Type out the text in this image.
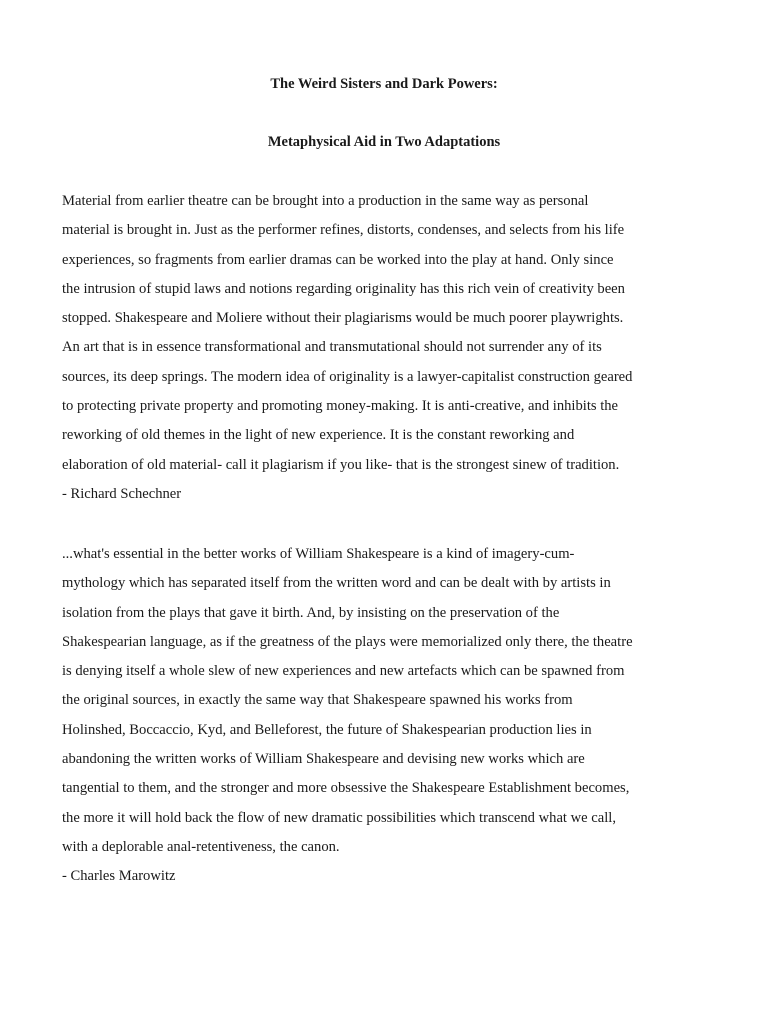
The Weird Sisters and Dark Powers:

Metaphysical Aid in Two Adaptations

Material from earlier theatre can be brought into a production in the same way as personal
material is brought in. Just as the performer refines, distorts, condenses, and selects from his life
experiences, so fragments from earlier dramas can be worked into the play at hand. Only since
the intrusion of stupid laws and notions regarding originality has this rich vein of creativity been
stopped. Shakespeare and Moliere without their plagiarisms would be much poorer playwrights.
An art that is in essence transformational and transmutational should not surrender any of its
sources, its deep springs. The modern idea of originality is a lawyer-capitalist construction geared
to protecting private property and promoting money-making. It is anti-creative, and inhibits the
reworking of old themes in the light of new experience. It is the constant reworking and
elaboration of old material- call it plagiarism if you like- that is the strongest sinew of tradition.
- Richard Schechner
...what's essential in the better works of William Shakespeare is a kind of imagery-cum-
mythology which has separated itself from the written word and can be dealt with by artists in
isolation from the plays that gave it birth. And, by insisting on the preservation of the
Shakespearian language, as if the greatness of the plays were memorialized only there, the theatre
is denying itself a whole slew of new experiences and new artefacts which can be spawned from
the original sources, in exactly the same way that Shakespeare spawned his works from
Holinshed, Boccaccio, Kyd, and Belleforest, the future of Shakespearian production lies in
abandoning the written works of William Shakespeare and devising new works which are
tangential to them, and the stronger and more obsessive the Shakespeare Establishment becomes,
the more it will hold back the flow of new dramatic possibilities which transcend what we call,
with a deplorable anal-retentiveness, the canon.
- Charles Marowitz
